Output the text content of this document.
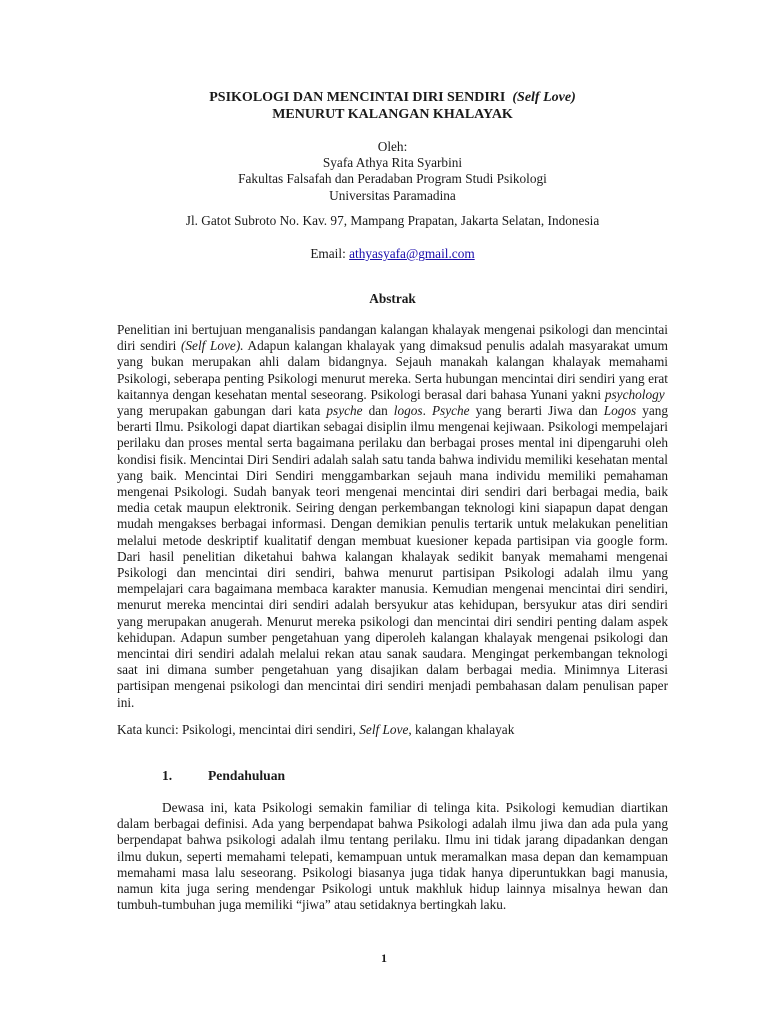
PSIKOLOGI DAN MENCINTAI DIRI SENDIRI (Self Love)
MENURUT KALANGAN KHALAYAK
Oleh:
Syafa Athya Rita Syarbini
Fakultas Falsafah dan Peradaban Program Studi Psikologi
Universitas Paramadina
Jl. Gatot Subroto No. Kav. 97, Mampang Prapatan, Jakarta Selatan, Indonesia
Email: athyasyafa@gmail.com
Abstrak
Penelitian ini bertujuan menganalisis pandangan kalangan khalayak mengenai psikologi dan mencintai diri sendiri (Self Love). Adapun kalangan khalayak yang dimaksud penulis adalah masyarakat umum yang bukan merupakan ahli dalam bidangnya. Sejauh manakah kalangan khalayak memahami Psikologi, seberapa penting Psikologi menurut mereka. Serta hubungan mencintai diri sendiri yang erat kaitannya dengan kesehatan mental seseorang. Psikologi berasal dari bahasa Yunani yakni psychology  yang merupakan gabungan dari kata psyche dan logos. Psyche yang berarti Jiwa dan Logos yang berarti Ilmu. Psikologi dapat diartikan sebagai disiplin ilmu mengenai kejiwaan. Psikologi mempelajari perilaku dan proses mental serta bagaimana perilaku dan berbagai proses mental ini dipengaruhi oleh kondisi fisik. Mencintai Diri Sendiri adalah salah satu tanda bahwa individu memiliki kesehatan mental yang baik. Mencintai Diri Sendiri menggambarkan sejauh mana individu memiliki pemahaman mengenai Psikologi. Sudah banyak teori mengenai mencintai diri sendiri dari berbagai media, baik media cetak maupun elektronik. Seiring dengan perkembangan teknologi kini siapapun dapat dengan mudah mengakses berbagai informasi. Dengan demikian penulis tertarik untuk melakukan penelitian melalui metode deskriptif kualitatif dengan membuat kuesioner kepada partisipan via google form. Dari hasil penelitian diketahui bahwa kalangan khalayak sedikit banyak memahami mengenai Psikologi dan mencintai diri sendiri, bahwa menurut partisipan Psikologi adalah ilmu yang mempelajari cara bagaimana membaca karakter manusia. Kemudian mengenai mencintai diri sendiri, menurut mereka mencintai diri sendiri adalah bersyukur atas kehidupan, bersyukur atas diri sendiri yang merupakan anugerah. Menurut mereka psikologi dan mencintai diri sendiri penting dalam aspek kehidupan. Adapun sumber pengetahuan yang diperoleh kalangan khalayak mengenai psikologi dan mencintai diri sendiri adalah melalui rekan atau sanak saudara. Mengingat perkembangan teknologi saat ini dimana sumber pengetahuan yang disajikan dalam berbagai media. Minimnya Literasi partisipan mengenai psikologi dan mencintai diri sendiri menjadi pembahasan dalam penulisan paper ini.
Kata kunci: Psikologi, mencintai diri sendiri, Self Love, kalangan khalayak
1.	Pendahuluan
Dewasa ini, kata Psikologi semakin familiar di telinga kita. Psikologi kemudian diartikan dalam berbagai definisi. Ada yang berpendapat bahwa Psikologi adalah ilmu jiwa dan ada pula yang berpendapat bahwa psikologi adalah ilmu tentang perilaku. Ilmu ini tidak jarang dipadankan dengan ilmu dukun, seperti memahami telepati, kemampuan untuk meramalkan masa depan dan kemampuan memahami masa lalu seseorang. Psikologi biasanya juga tidak hanya diperuntukkan bagi manusia, namun kita juga sering mendengar Psikologi untuk makhluk hidup lainnya misalnya hewan dan tumbuh-tumbuhan juga memiliki “jiwa” atau setidaknya bertingkah laku.
1
